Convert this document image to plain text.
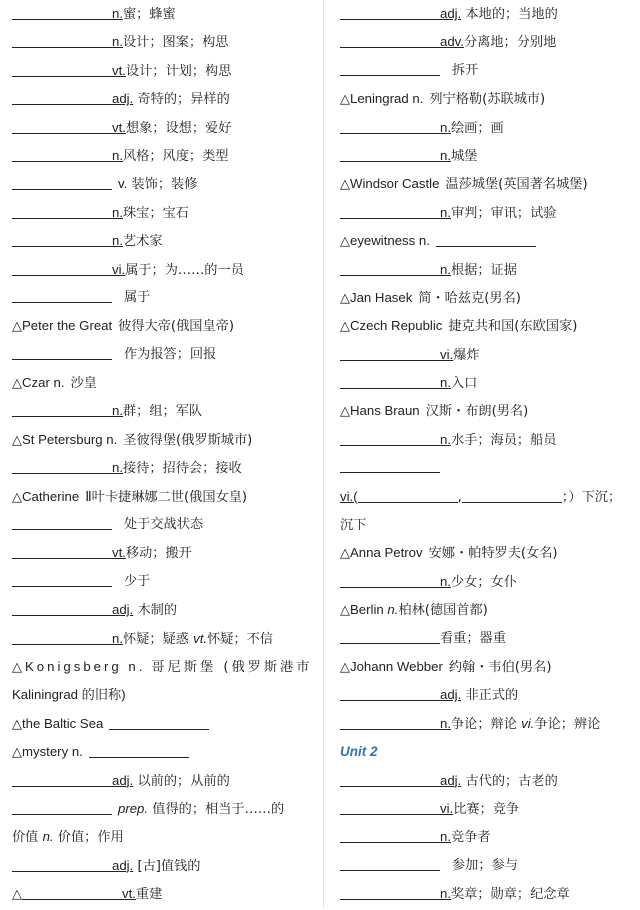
n.蜜；蜂蜜
n.设计；图案；构思
vt.设计；计划；构思
adj. 奇特的；异样的
vt.想象；设想；爱好
n.风格；风度；类型
v. 装饰；装修
n.珠宝；宝石
n.艺术家
vi.属于；为……的一员
属于
△Peter the Great 彼得大帝(俄国皇帝)
作为报答；回报
△Czar n. 沙皇
n.群；组；军队
△St Petersburg n. 圣彼得堡(俄罗斯城市)
n.接待；招待会；接收
△Catherine Ⅱ叶卡捷琳娜二世(俄国女皇)
处于交战状态
vt.移动；搬开
少于
adj. 木制的
n.怀疑；疑惑 vt.怀疑；不信
△Konigsberg n. 哥尼斯堡 (俄罗斯港市
Kaliningrad 的旧称)
△the Baltic Sea
△mystery n.
adj. 以前的；从前的
prep. 值得的；相当于……的
价值 n. 价值；作用
adj. [古]值钱的
△	vt.重建
adj. 本地的；当地的
adv.分离地；分别地
拆开
△Leningrad n. 列宁格勒(苏联城市)
n.绘画；画
n.城堡
△Windsor Castle 温莎城堡(英国著名城堡)
n.审判；审讯；试验
△eyewitness n.
n.根据；证据
△Jan Hasek 简・哈兹克(男名)
△Czech Republic 捷克共和国(东欧国家)
vi.爆炸
n.入口
△Hans Braun 汉斯・布朗(男名)
n.水手；海员；船员
vi.(	,	；）下沉；
沉下
△Anna Petrov 安娜・帕特罗夫(女名)
n.少女；女仆
△Berlin n.柏林(德国首都)
看重；器重
△Johann Webber 约翰・韦伯(男名)
adj. 非正式的
n.争论；辩论 vi.争论；辨论
Unit 2
adj. 古代的；古老的
vi.比赛；竞争
n.竞争者
参加；参与
n.奖章；勋章；纪念章
